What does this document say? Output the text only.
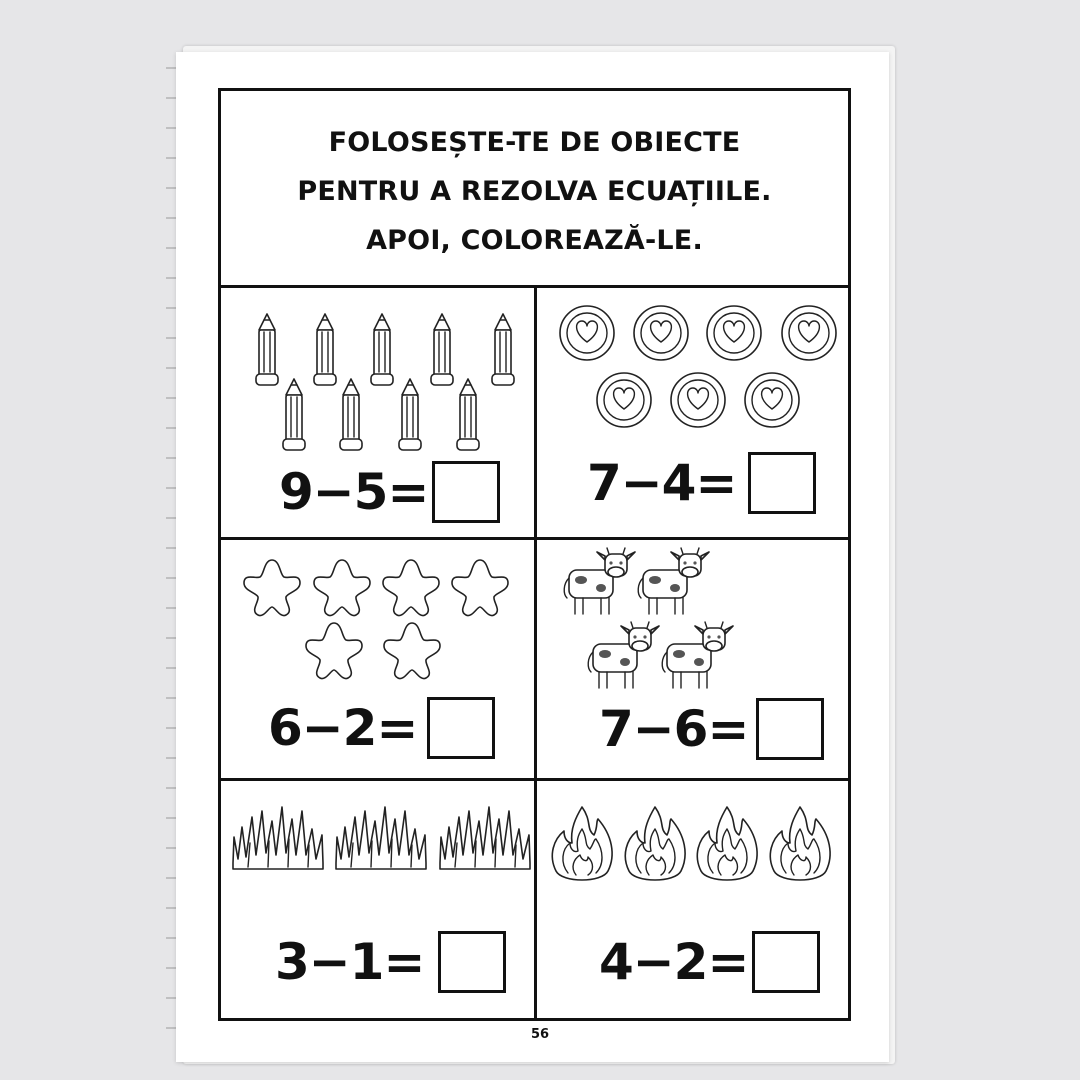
FOLOSEȘTE-TE DE OBIECTE
PENTRU A REZOLVA ECUAȚIILE.
APOI, COLOREAZĂ-LE.

9−5=	7−4=
6−2=	7−6=
3−1=	4−2=
56
